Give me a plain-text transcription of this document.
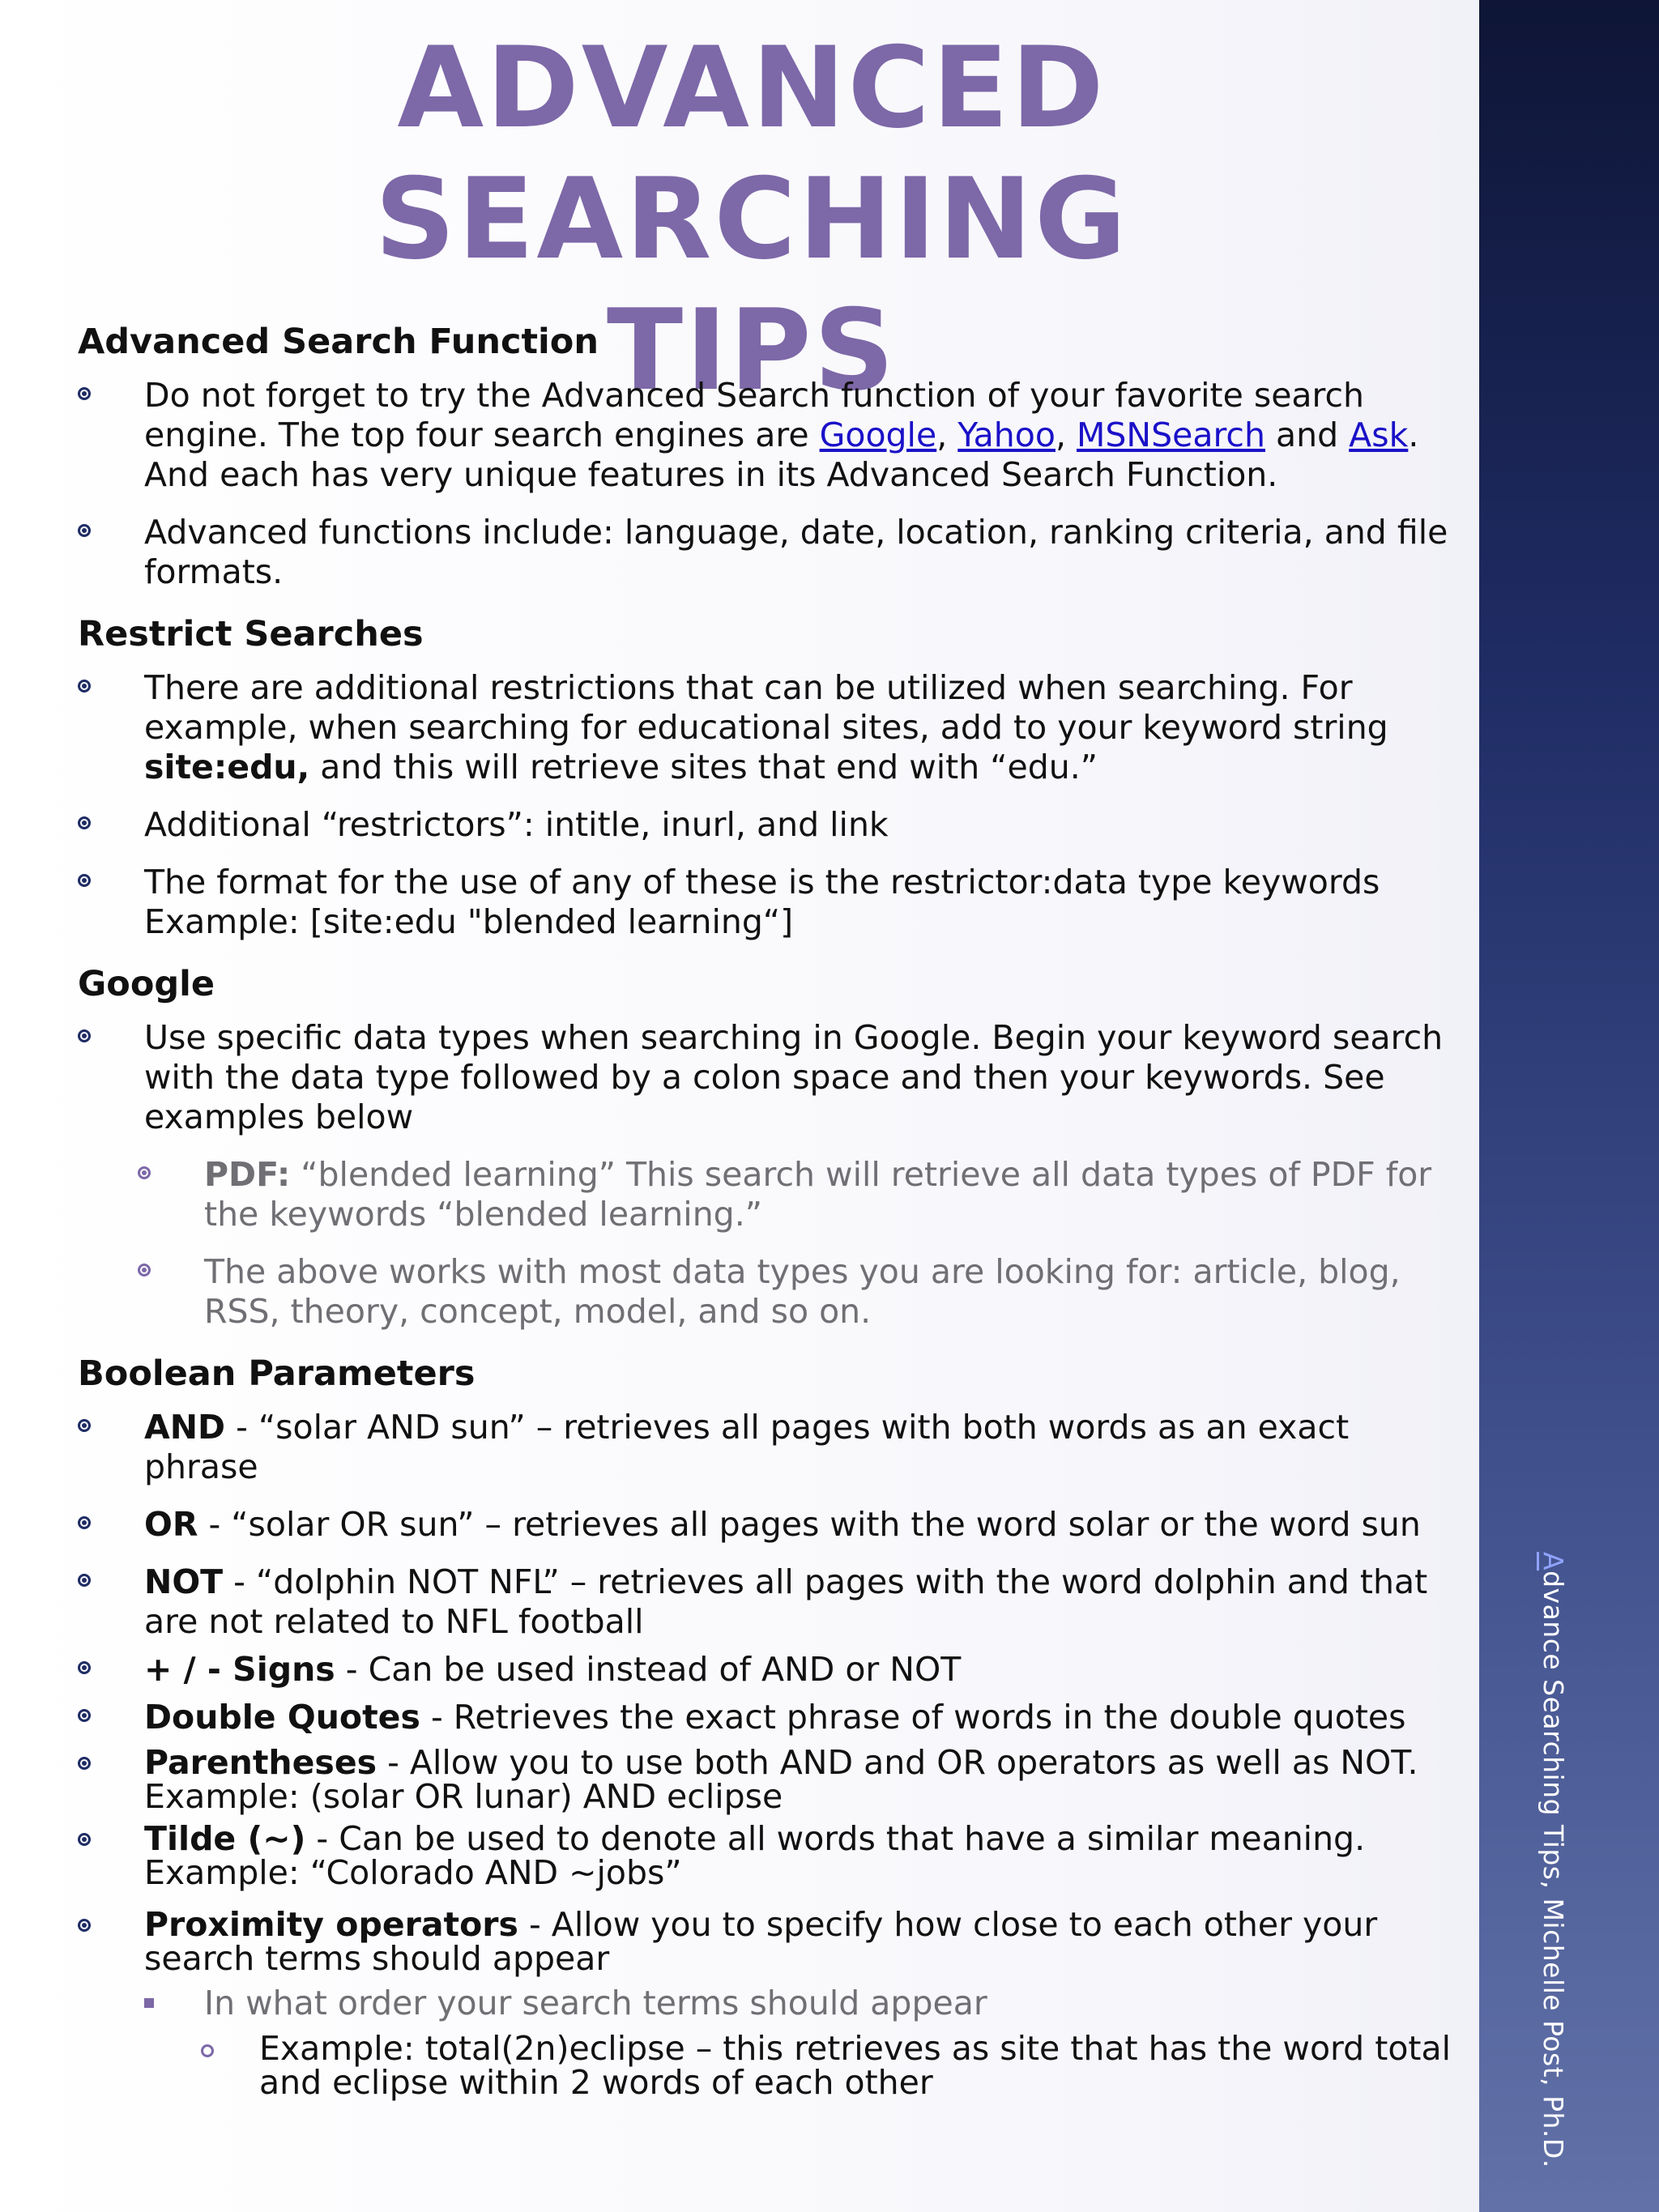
Advance Searching Tips, Michelle Post, Ph.D.
ADVANCED SEARCHING
TIPS
Advanced Search Function
Do not forget to try the Advanced Search function of your favorite search engine. The top four search engines are Google, Yahoo, MSNSearch and Ask. And each has very unique features in its Advanced Search Function.
Advanced functions include: language, date, location, ranking criteria, and file formats.
Restrict Searches
There are additional restrictions that can be utilized when searching. For example, when searching for educational sites, add to your keyword string site:edu, and this will retrieve sites that end with “edu.”
Additional “restrictors”: intitle, inurl, and link
The format for the use of any of these is the restrictor:data type keywords
Example: [site:edu "blended learning“]
Google
Use specific data types when searching in Google. Begin your keyword search with the data type followed by a colon space and then your keywords. See examples below
PDF: “blended learning” This search will retrieve all data types of PDF for the keywords “blended learning.”
The above works with most data types you are looking for: article, blog, RSS, theory, concept, model, and so on.
Boolean Parameters
AND - “solar AND sun” – retrieves all pages with both words as an exact phrase
OR - “solar OR sun” – retrieves all pages with the word solar or the word sun
NOT - “dolphin NOT NFL” – retrieves all pages with the word dolphin and that are not related to NFL football
+ / - Signs - Can be used instead of AND or NOT
Double Quotes - Retrieves the exact phrase of words in the double quotes
Parentheses - Allow you to use both AND and OR operators as well as NOT.
Example: (solar OR lunar) AND eclipse
Tilde (~) - Can be used to denote all words that have a similar meaning.
Example: “Colorado AND ~jobs”
Proximity operators - Allow you to specify how close to each other your search terms should appear
In what order your search terms should appear
Example: total(2n)eclipse – this retrieves as site that has the word total and eclipse within 2 words of each other
